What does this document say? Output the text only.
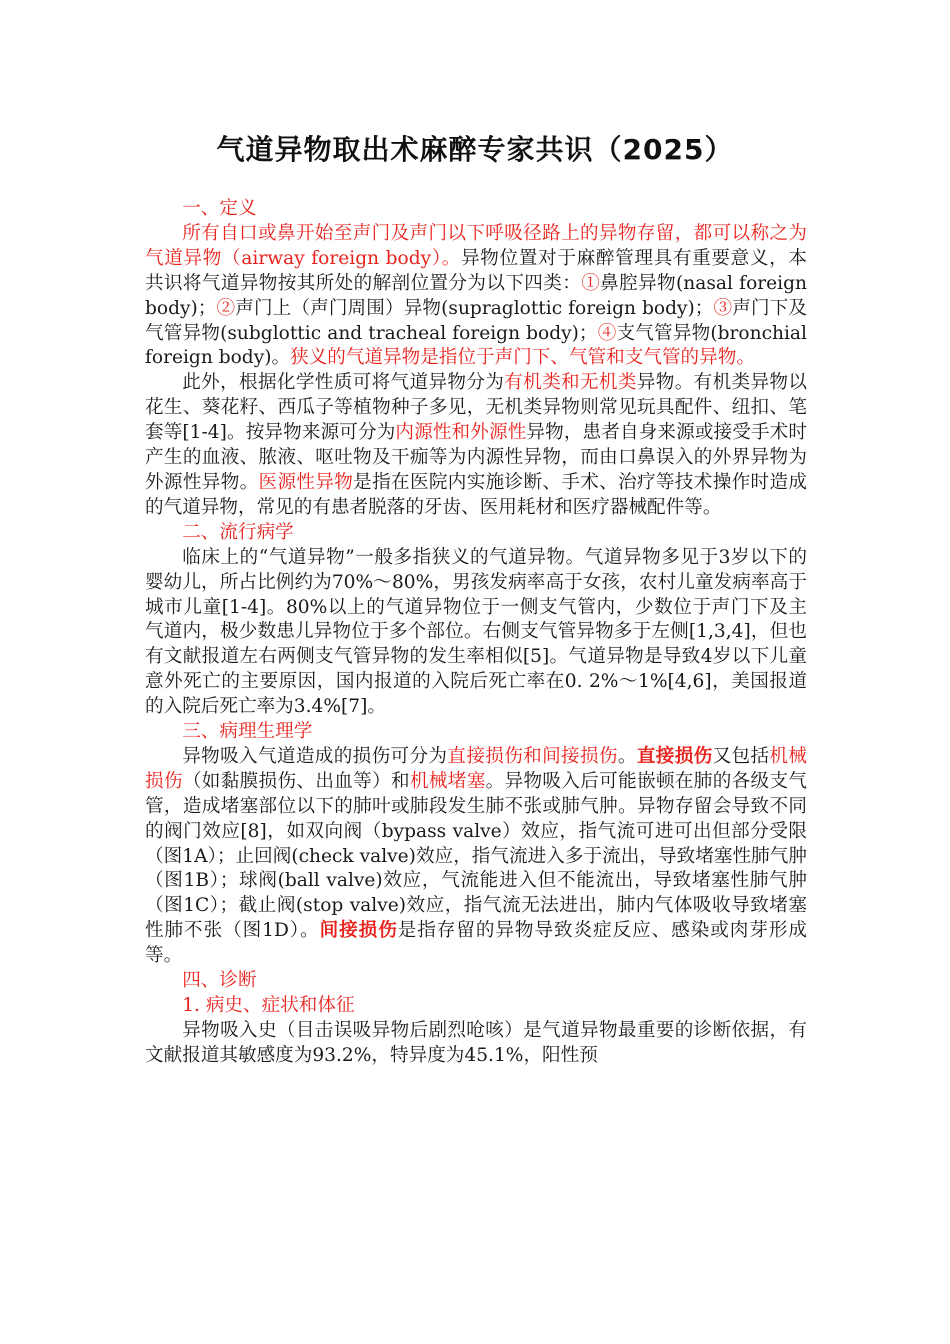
气道异物取出术麻醉专家共识（2025）

一、定义

所有自口或鼻开始至声门及声门以下呼吸径路上的异物存留，都可以称之为气道异物（airway foreign body）。异物位置对于麻醉管理具有重要意义，本共识将气道异物按其所处的解剖位置分为以下四类：①鼻腔异物(nasal foreign body)；②声门上（声门周围）异物(supraglottic foreign body)；③声门下及气管异物(subglottic and tracheal foreign body)；④支气管异物(bronchial foreign body)。狭义的气道异物是指位于声门下、气管和支气管的异物。

此外，根据化学性质可将气道异物分为有机类和无机类异物。有机类异物以花生、葵花籽、西瓜子等植物种子多见，无机类异物则常见玩具配件、纽扣、笔套等[1-4]。按异物来源可分为内源性和外源性异物，患者自身来源或接受手术时产生的血液、脓液、呕吐物及干痂等为内源性异物，而由口鼻误入的外界异物为外源性异物。医源性异物是指在医院内实施诊断、手术、治疗等技术操作时造成的气道异物，常见的有患者脱落的牙齿、医用耗材和医疗器械配件等。

二、流行病学

临床上的“气道异物”一般多指狭义的气道异物。气道异物多见于3岁以下的婴幼儿，所占比例约为70%～80%，男孩发病率高于女孩，农村儿童发病率高于城市儿童[1-4]。80%以上的气道异物位于一侧支气管内，少数位于声门下及主气道内，极少数患儿异物位于多个部位。右侧支气管异物多于左侧[1,3,4]，但也有文献报道左右两侧支气管异物的发生率相似[5]。气道异物是导致4岁以下儿童意外死亡的主要原因，国内报道的入院后死亡率在0. 2%～1%[4,6]，美国报道的入院后死亡率为3.4%[7]。

三、病理生理学

异物吸入气道造成的损伤可分为直接损伤和间接损伤。直接损伤又包括机械损伤（如黏膜损伤、出血等）和机械堵塞。异物吸入后可能嵌顿在肺的各级支气管，造成堵塞部位以下的肺叶或肺段发生肺不张或肺气肿。异物存留会导致不同的阀门效应[8]，如双向阀（bypass valve）效应，指气流可进可出但部分受限（图1A）；止回阀(check valve)效应，指气流进入多于流出，导致堵塞性肺气肿（图1B）；球阀(ball valve)效应，气流能进入但不能流出，导致堵塞性肺气肿（图1C）；截止阀(stop valve)效应，指气流无法进出，肺内气体吸收导致堵塞性肺不张（图1D）。间接损伤是指存留的异物导致炎症反应、感染或肉芽形成等。

四、诊断

1. 病史、症状和体征

异物吸入史（目击误吸异物后剧烈呛咳）是气道异物最重要的诊断依据，有文献报道其敏感度为93.2%，特异度为45.1%，阳性预
